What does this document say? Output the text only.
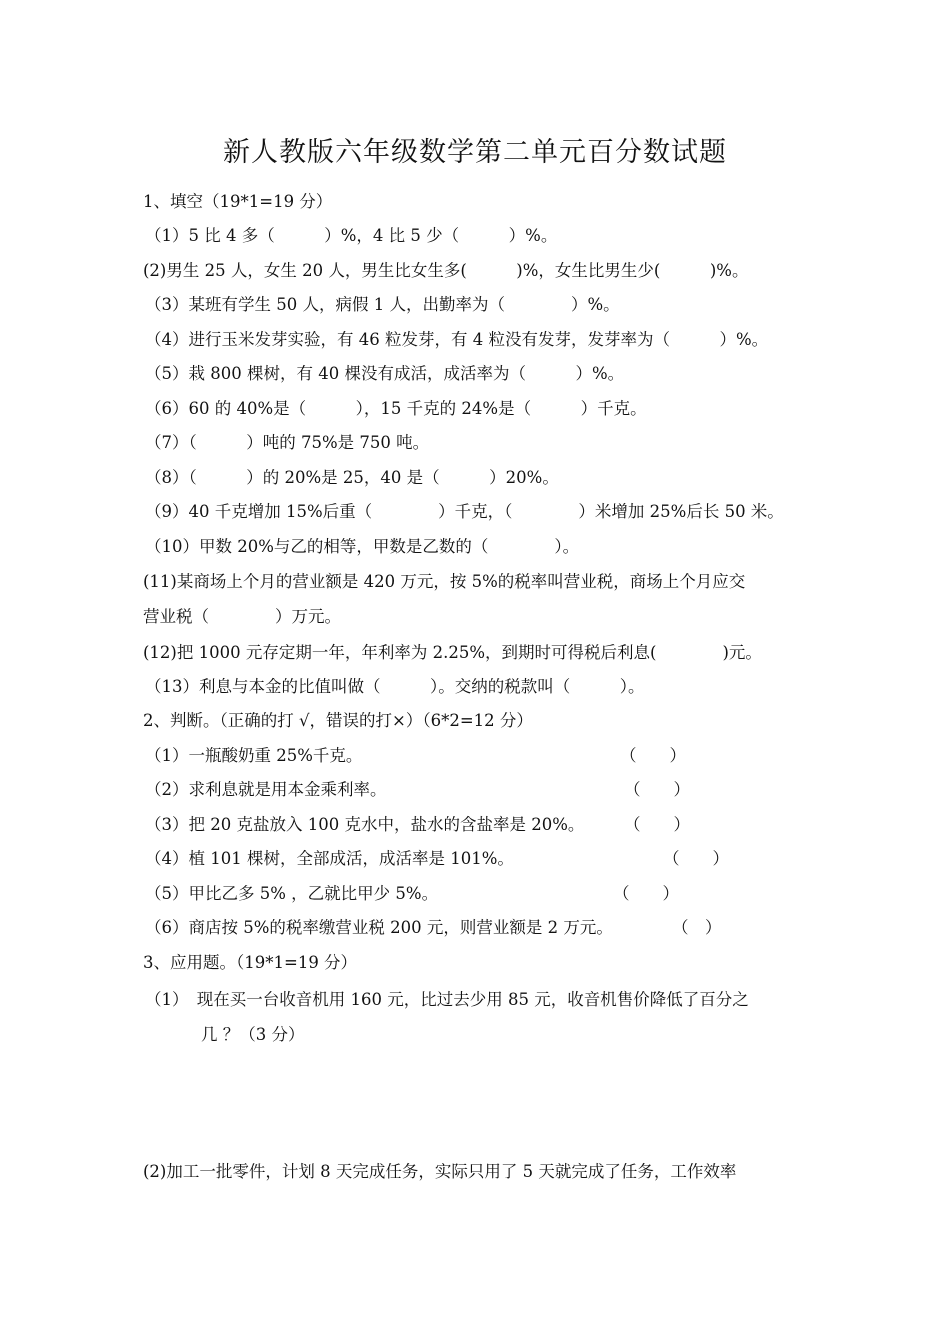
新人教版六年级数学第二单元百分数试题
1、填空（19*1=19 分）
（1）5 比 4 多（　　　）%，4 比 5 少（　　　）%。
(2)男生 25 人，女生 20 人，男生比女生多(　　　)%，女生比男生少(　　　)%。
（3）某班有学生 50 人，病假 1 人，出勤率为（　　　　）%。
（4）进行玉米发芽实验，有 46 粒发芽，有 4 粒没有发芽，发芽率为（　　　）%。
（5）栽 800 棵树，有 40 棵没有成活，成活率为（　　　）%。
（6）60 的 40%是（　　　），15 千克的 24%是（　　　）千克。
（7）（　　　）吨的 75%是 750 吨。
（8）（　　　）的 20%是 25，40 是（　　　）20%。
（9）40 千克增加 15%后重（　　　　）千克，（　　　　）米增加 25%后长 50 米。
（10）甲数 20%与乙的相等，甲数是乙数的（　　　　）。
(11)某商场上个月的营业额是 420 万元，按 5%的税率叫营业税，商场上个月应交
营业税（　　　　）万元。
(12)把 1000 元存定期一年，年利率为 2.25%，到期时可得税后利息(　　　　)元。
（13）利息与本金的比值叫做（　　　）。交纳的税款叫（　　　）。
2、判断。（正确的打 √，错误的打×）（6*2=12 分）
（1）一瓶酸奶重 25%千克。	（　　）
（2）求利息就是用本金乘利率。	（　　）
（3）把 20 克盐放入 100 克水中，盐水的含盐率是 20%。 （　　）
（4）植 101 棵树，全部成活，成活率是 101%。	（　　）
（5）甲比乙多 5% ，乙就比甲少 5%。	（　　）
（6）商店按 5%的税率缴营业税 200 元，则营业额是 2 万元。	（　）
3、应用题。（19*1=19 分）
（1）　现在买一台收音机用 160 元，比过去少用 85 元，收音机售价降低了百分之
几 ？（3 分）
(2)加工一批零件，计划 8 天完成任务，实际只用了 5 天就完成了任务，工作效率
